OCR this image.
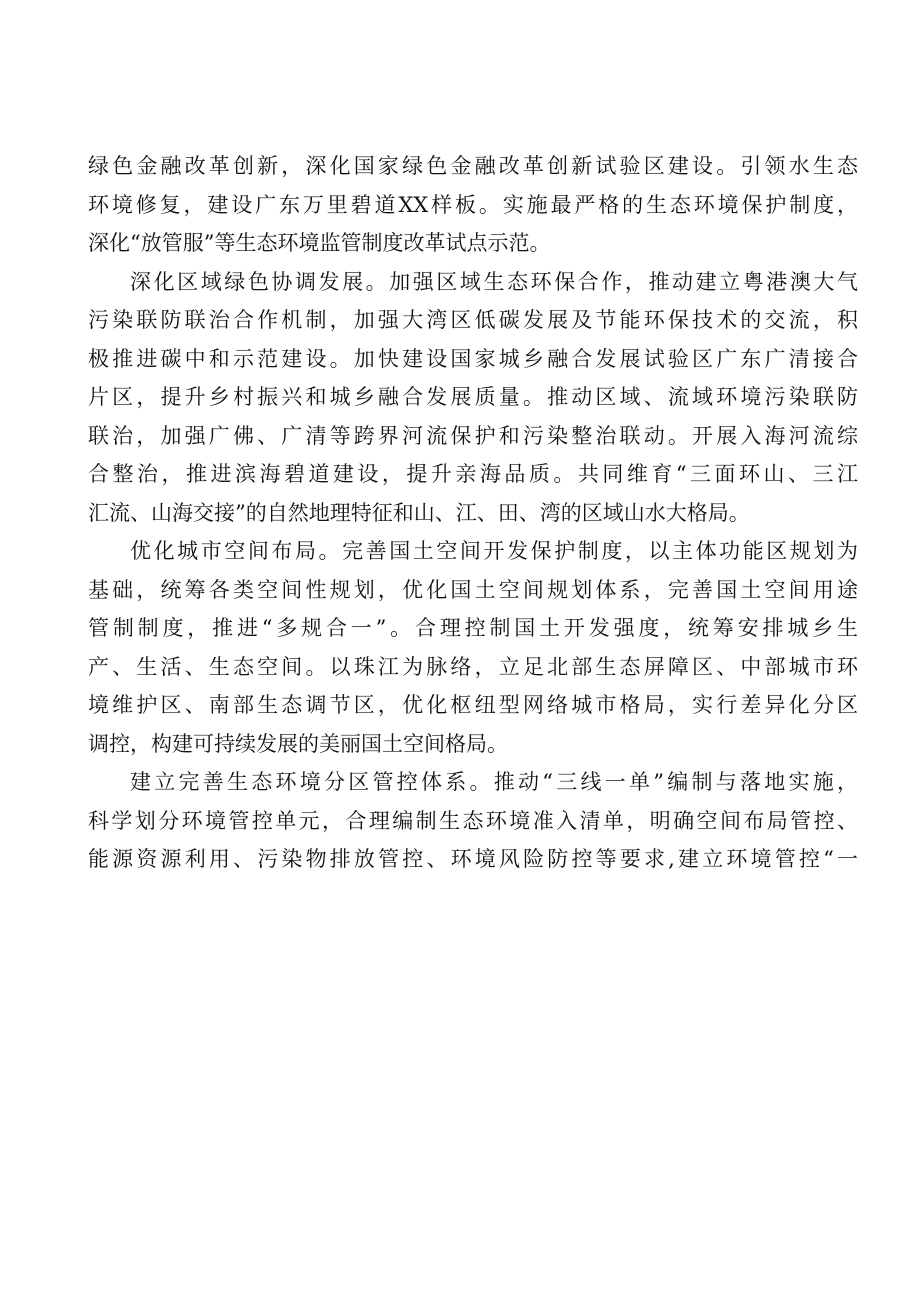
绿色金融改革创新，深化国家绿色金融改革创新试验区建设。引领水生态
环境修复，建设广东万里碧道XX样板。实施最严格的生态环境保护制度，
深化“放管服”等生态环境监管制度改革试点示范。
深化区域绿色协调发展。加强区域生态环保合作，推动建立粤港澳大气
污染联防联治合作机制，加强大湾区低碳发展及节能环保技术的交流，积
极推进碳中和示范建设。加快建设国家城乡融合发展试验区广东广清接合
片区，提升乡村振兴和城乡融合发展质量。推动区域、流域环境污染联防
联治，加强广佛、广清等跨界河流保护和污染整治联动。开展入海河流综
合整治，推进滨海碧道建设，提升亲海品质。共同维育“三面环山、三江
汇流、山海交接”的自然地理特征和山、江、田、湾的区域山水大格局。
优化城市空间布局。完善国土空间开发保护制度，以主体功能区规划为
基础，统筹各类空间性规划，优化国土空间规划体系，完善国土空间用途
管制制度，推进“多规合一”。合理控制国土开发强度，统筹安排城乡生
产、生活、生态空间。以珠江为脉络，立足北部生态屏障区、中部城市环
境维护区、南部生态调节区，优化枢纽型网络城市格局，实行差异化分区
调控，构建可持续发展的美丽国土空间格局。
建立完善生态环境分区管控体系。推动“三线一单”编制与落地实施，
科学划分环境管控单元，合理编制生态环境准入清单，明确空间布局管控、
能源资源利用、污染物排放管控、环境风险防控等要求,建立环境管控“一
